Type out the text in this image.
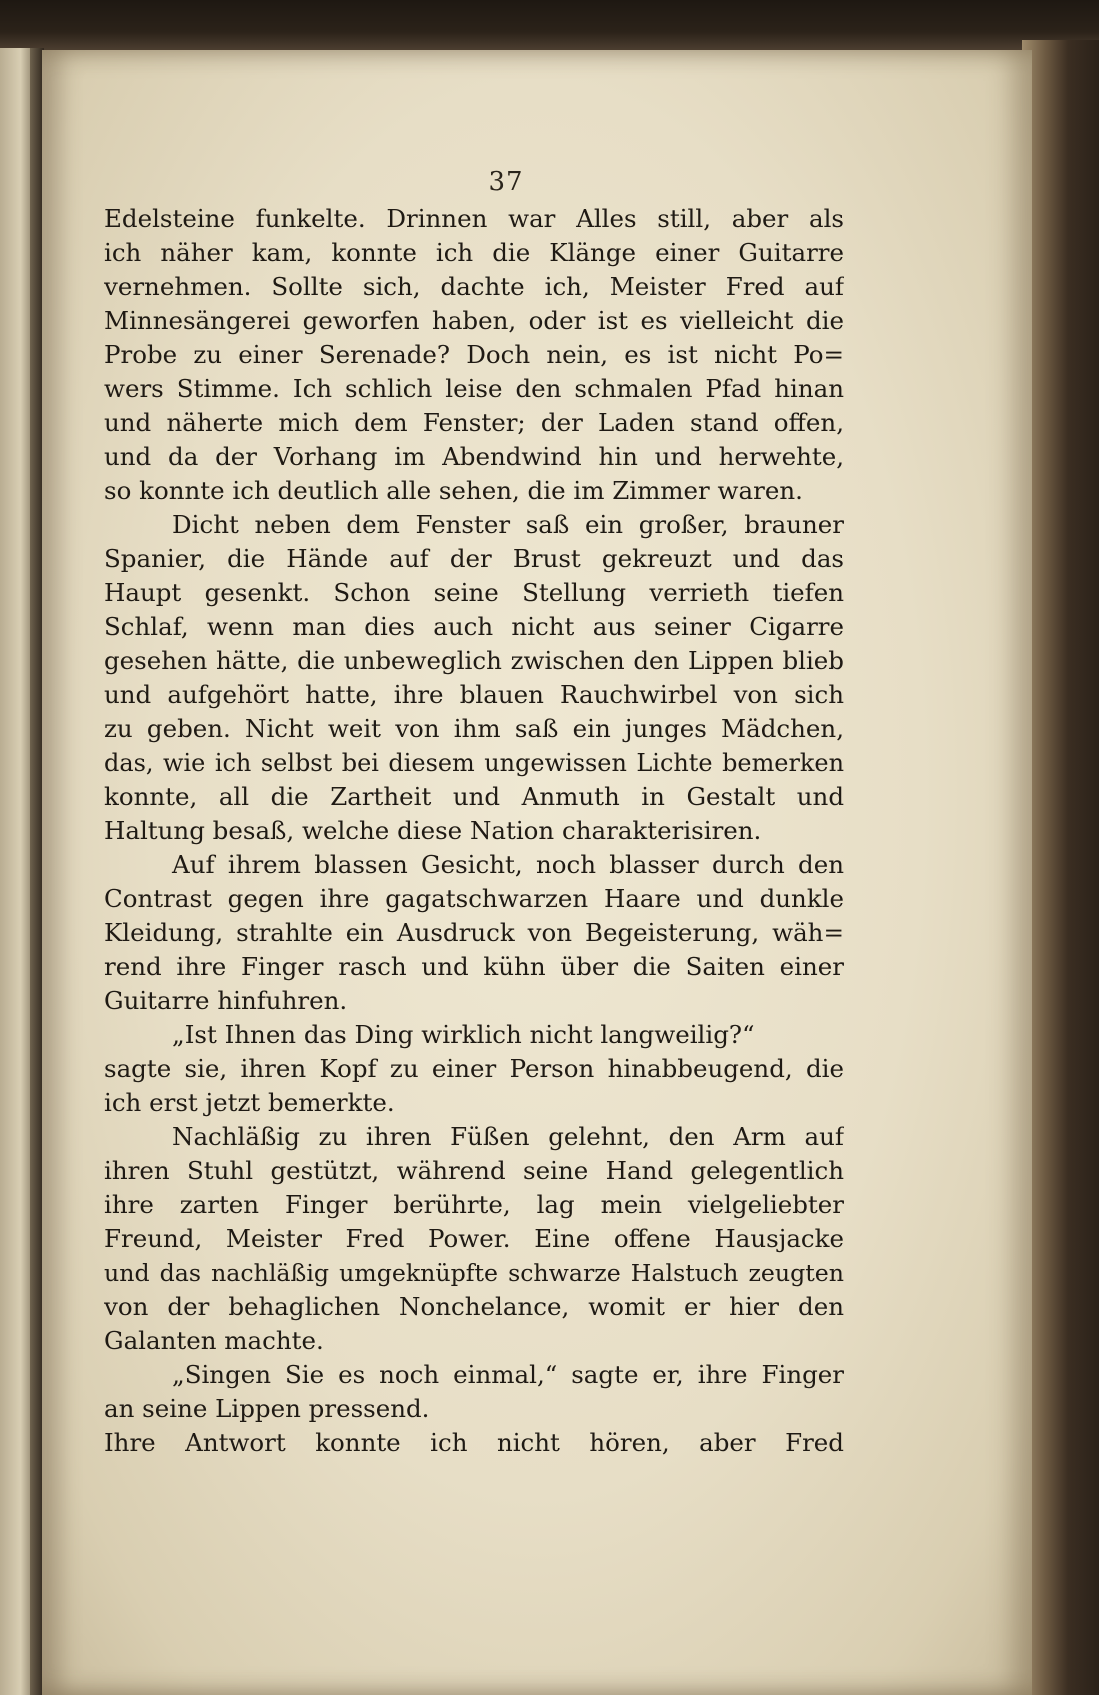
37
Edelsteine funkelte. Drinnen war Alles still, aber als
ich näher kam, konnte ich die Klänge einer Guitarre
vernehmen. Sollte sich, dachte ich, Meister Fred auf
Minnesängerei geworfen haben, oder ist es vielleicht die
Probe zu einer Serenade? Doch nein, es ist nicht Po=
wers Stimme. Ich schlich leise den schmalen Pfad hinan
und näherte mich dem Fenster; der Laden stand offen,
und da der Vorhang im Abendwind hin und herwehte,
so konnte ich deutlich alle sehen, die im Zimmer waren.
Dicht neben dem Fenster saß ein großer, brauner
Spanier, die Hände auf der Brust gekreuzt und das
Haupt gesenkt. Schon seine Stellung verrieth tiefen
Schlaf, wenn man dies auch nicht aus seiner Cigarre
gesehen hätte, die unbeweglich zwischen den Lippen blieb
und aufgehört hatte, ihre blauen Rauchwirbel von sich
zu geben. Nicht weit von ihm saß ein junges Mädchen,
das, wie ich selbst bei diesem ungewissen Lichte bemerken
konnte, all die Zartheit und Anmuth in Gestalt und
Haltung besaß, welche diese Nation charakterisiren.
Auf ihrem blassen Gesicht, noch blasser durch den
Contrast gegen ihre gagatschwarzen Haare und dunkle
Kleidung, strahlte ein Ausdruck von Begeisterung, wäh=
rend ihre Finger rasch und kühn über die Saiten einer
Guitarre hinfuhren.
„Ist Ihnen das Ding wirklich nicht langweilig?“
sagte sie, ihren Kopf zu einer Person hinabbeugend, die
ich erst jetzt bemerkte.
Nachläßig zu ihren Füßen gelehnt, den Arm auf
ihren Stuhl gestützt, während seine Hand gelegentlich
ihre zarten Finger berührte, lag mein vielgeliebter
Freund, Meister Fred Power. Eine offene Hausjacke
und das nachläßig umgeknüpfte schwarze Halstuch zeugten
von der behaglichen Nonchelance, womit er hier den
Galanten machte.
„Singen Sie es noch einmal,“ sagte er, ihre Finger
an seine Lippen pressend.
Ihre Antwort konnte ich nicht hören, aber Fred
